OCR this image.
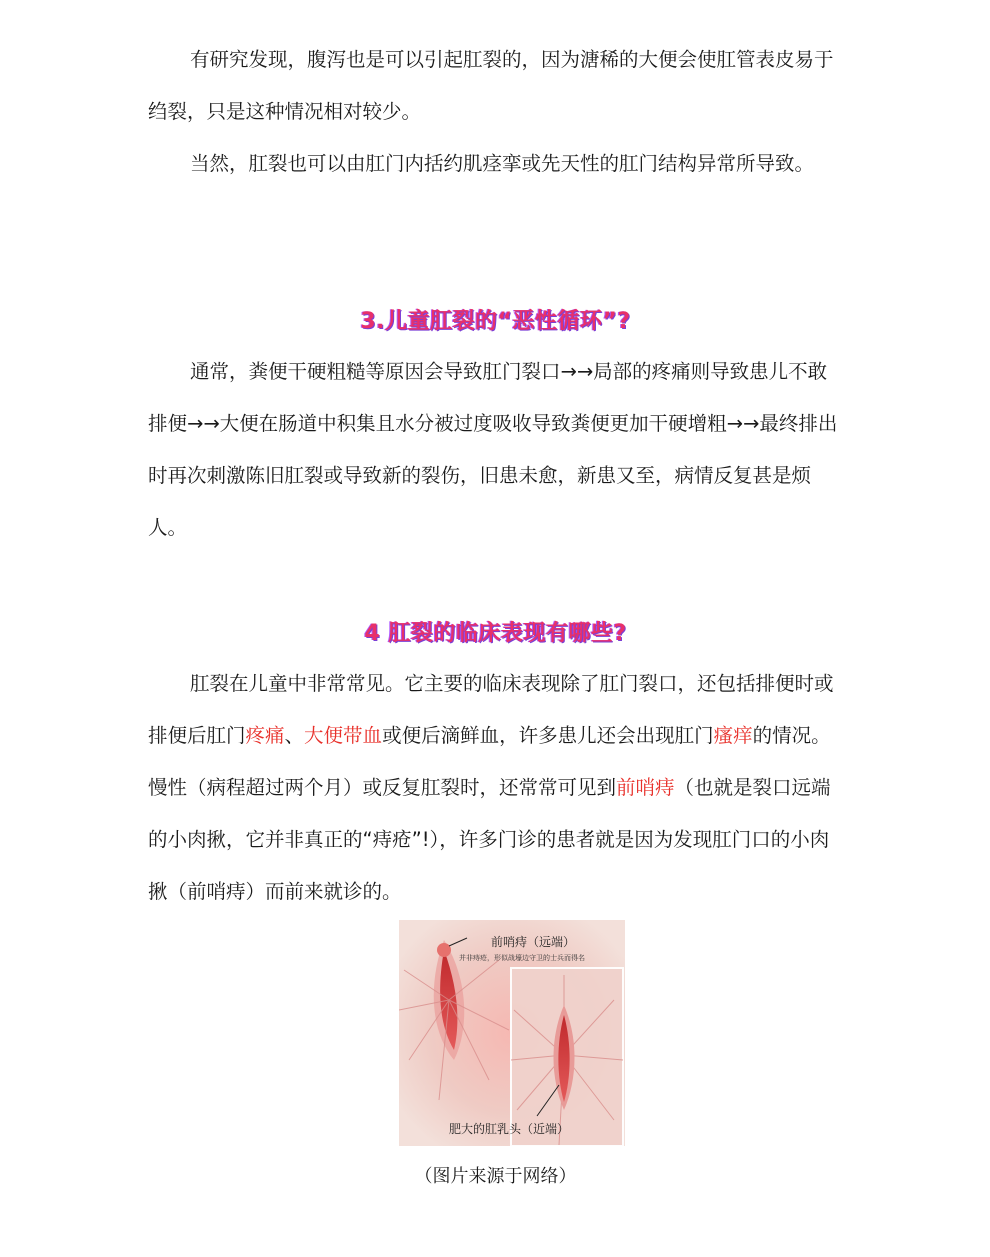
有研究发现，腹泻也是可以引起肛裂的，因为溏稀的大便会使肛管表皮易于绉裂，只是这种情况相对较少。

当然，肛裂也可以由肛门内括约肌痉挛或先天性的肛门结构异常所导致。

3.儿童肛裂的“恶性循环”?

通常，粪便干硬粗糙等原因会导致肛门裂口→→局部的疼痛则导致患儿不敢排便→→大便在肠道中积集且水分被过度吸收导致粪便更加干硬增粗→→最终排出时再次刺激陈旧肛裂或导致新的裂伤，旧患未愈，新患又至，病情反复甚是烦人。

4 肛裂的临床表现有哪些?

肛裂在儿童中非常常见。它主要的临床表现除了肛门裂口，还包括排便时或排便后肛门疼痛、大便带血或便后滴鲜血，许多患儿还会出现肛门瘙痒的情况。慢性（病程超过两个月）或反复肛裂时，还常常可见到前哨痔（也就是裂口远端的小肉揪，它并非真正的“痔疮”!），许多门诊的患者就是因为发现肛门口的小肉揪（前哨痔）而前来就诊的。

前哨痔（远端）
并非痔疮，形似战壕边守卫的士兵而得名
肥大的肛乳头（近端）

（图片来源于网络）
